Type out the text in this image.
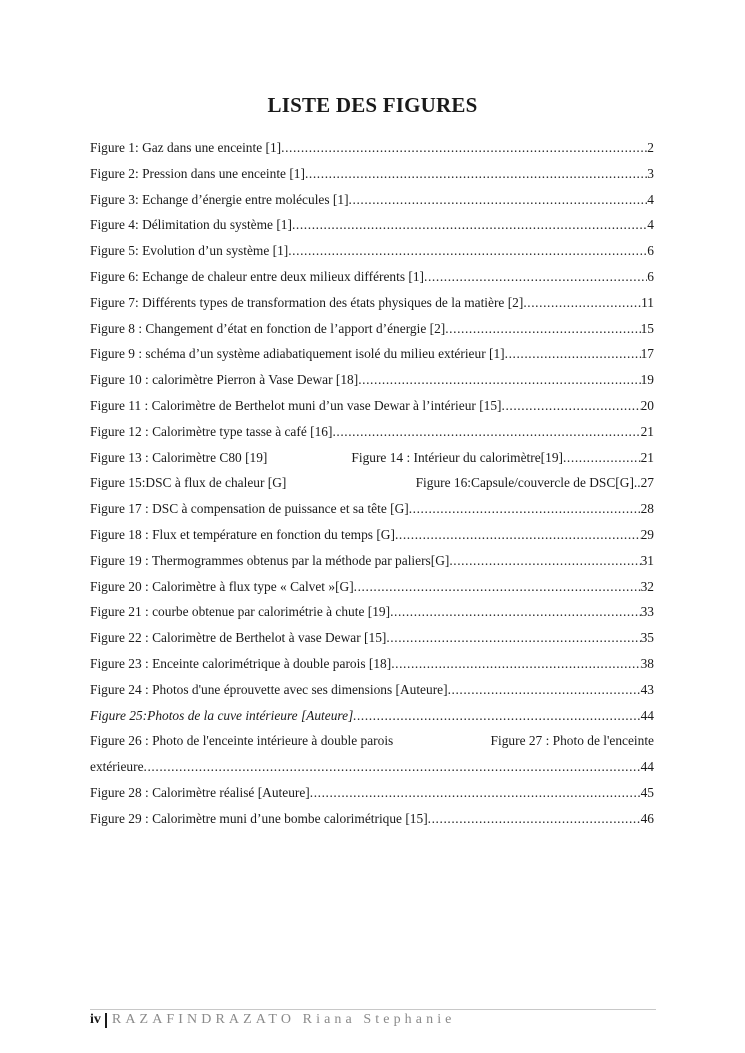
LISTE DES FIGURES
Figure 1: Gaz dans une enceinte [1] .....	2
Figure 2: Pression dans une enceinte [1] .....	3
Figure 3: Echange d’énergie entre molécules [1] .....	4
Figure 4: Délimitation du système [1] .....	4
Figure 5: Evolution d’un système [1] .....	6
Figure 6: Echange de chaleur entre deux milieux différents [1] .....	6
Figure 7: Différents types de transformation des états physiques de la matière [2] .....	11
Figure 8 : Changement d’état en fonction de l’apport d’énergie [2] .....	15
Figure 9 : schéma d’un système adiabatiquement isolé du milieu extérieur [1] .....	17
Figure 10 : calorimètre Pierron à Vase Dewar [18] .....	19
Figure 11 : Calorimètre de Berthelot muni d’un vase Dewar à l’intérieur [15] .....	20
Figure 12 : Calorimètre type tasse à café [16] .....	21
Figure 13 : Calorimètre C80 [19]	Figure 14 : Intérieur du calorimètre[19] .....	21
Figure 15:DSC à flux de chaleur [G]	Figure 16:Capsule/couvercle de DSC[G] .. 27
Figure 17 : DSC à compensation de puissance et sa tête [G] .....	28
Figure 18 : Flux et température en fonction du temps [G] .....	29
Figure 19 : Thermogrammes obtenus par la méthode par paliers[G] .....	31
Figure 20 : Calorimètre à flux type « Calvet »[G] .....	32
Figure 21 : courbe obtenue par calorimétrie à chute [19] .....	33
Figure 22 : Calorimètre de Berthelot à vase Dewar [15] .....	35
Figure 23 : Enceinte calorimétrique à double parois [18] .....	38
Figure 24 : Photos d'une éprouvette avec ses dimensions [Auteure] .....	43
Figure 25:Photos de la cuve intérieure [Auteure] .....	44
Figure 26 : Photo de l'enceinte intérieure à double parois	Figure 27 : Photo de l'enceinte
extérieure .....	44
Figure 28 : Calorimètre réalisé [Auteure] .....	45
Figure 29 : Calorimètre muni d’une bombe calorimétrique [15] .....	46
iv RAZAFINDRAZATO Riana Stephanie
